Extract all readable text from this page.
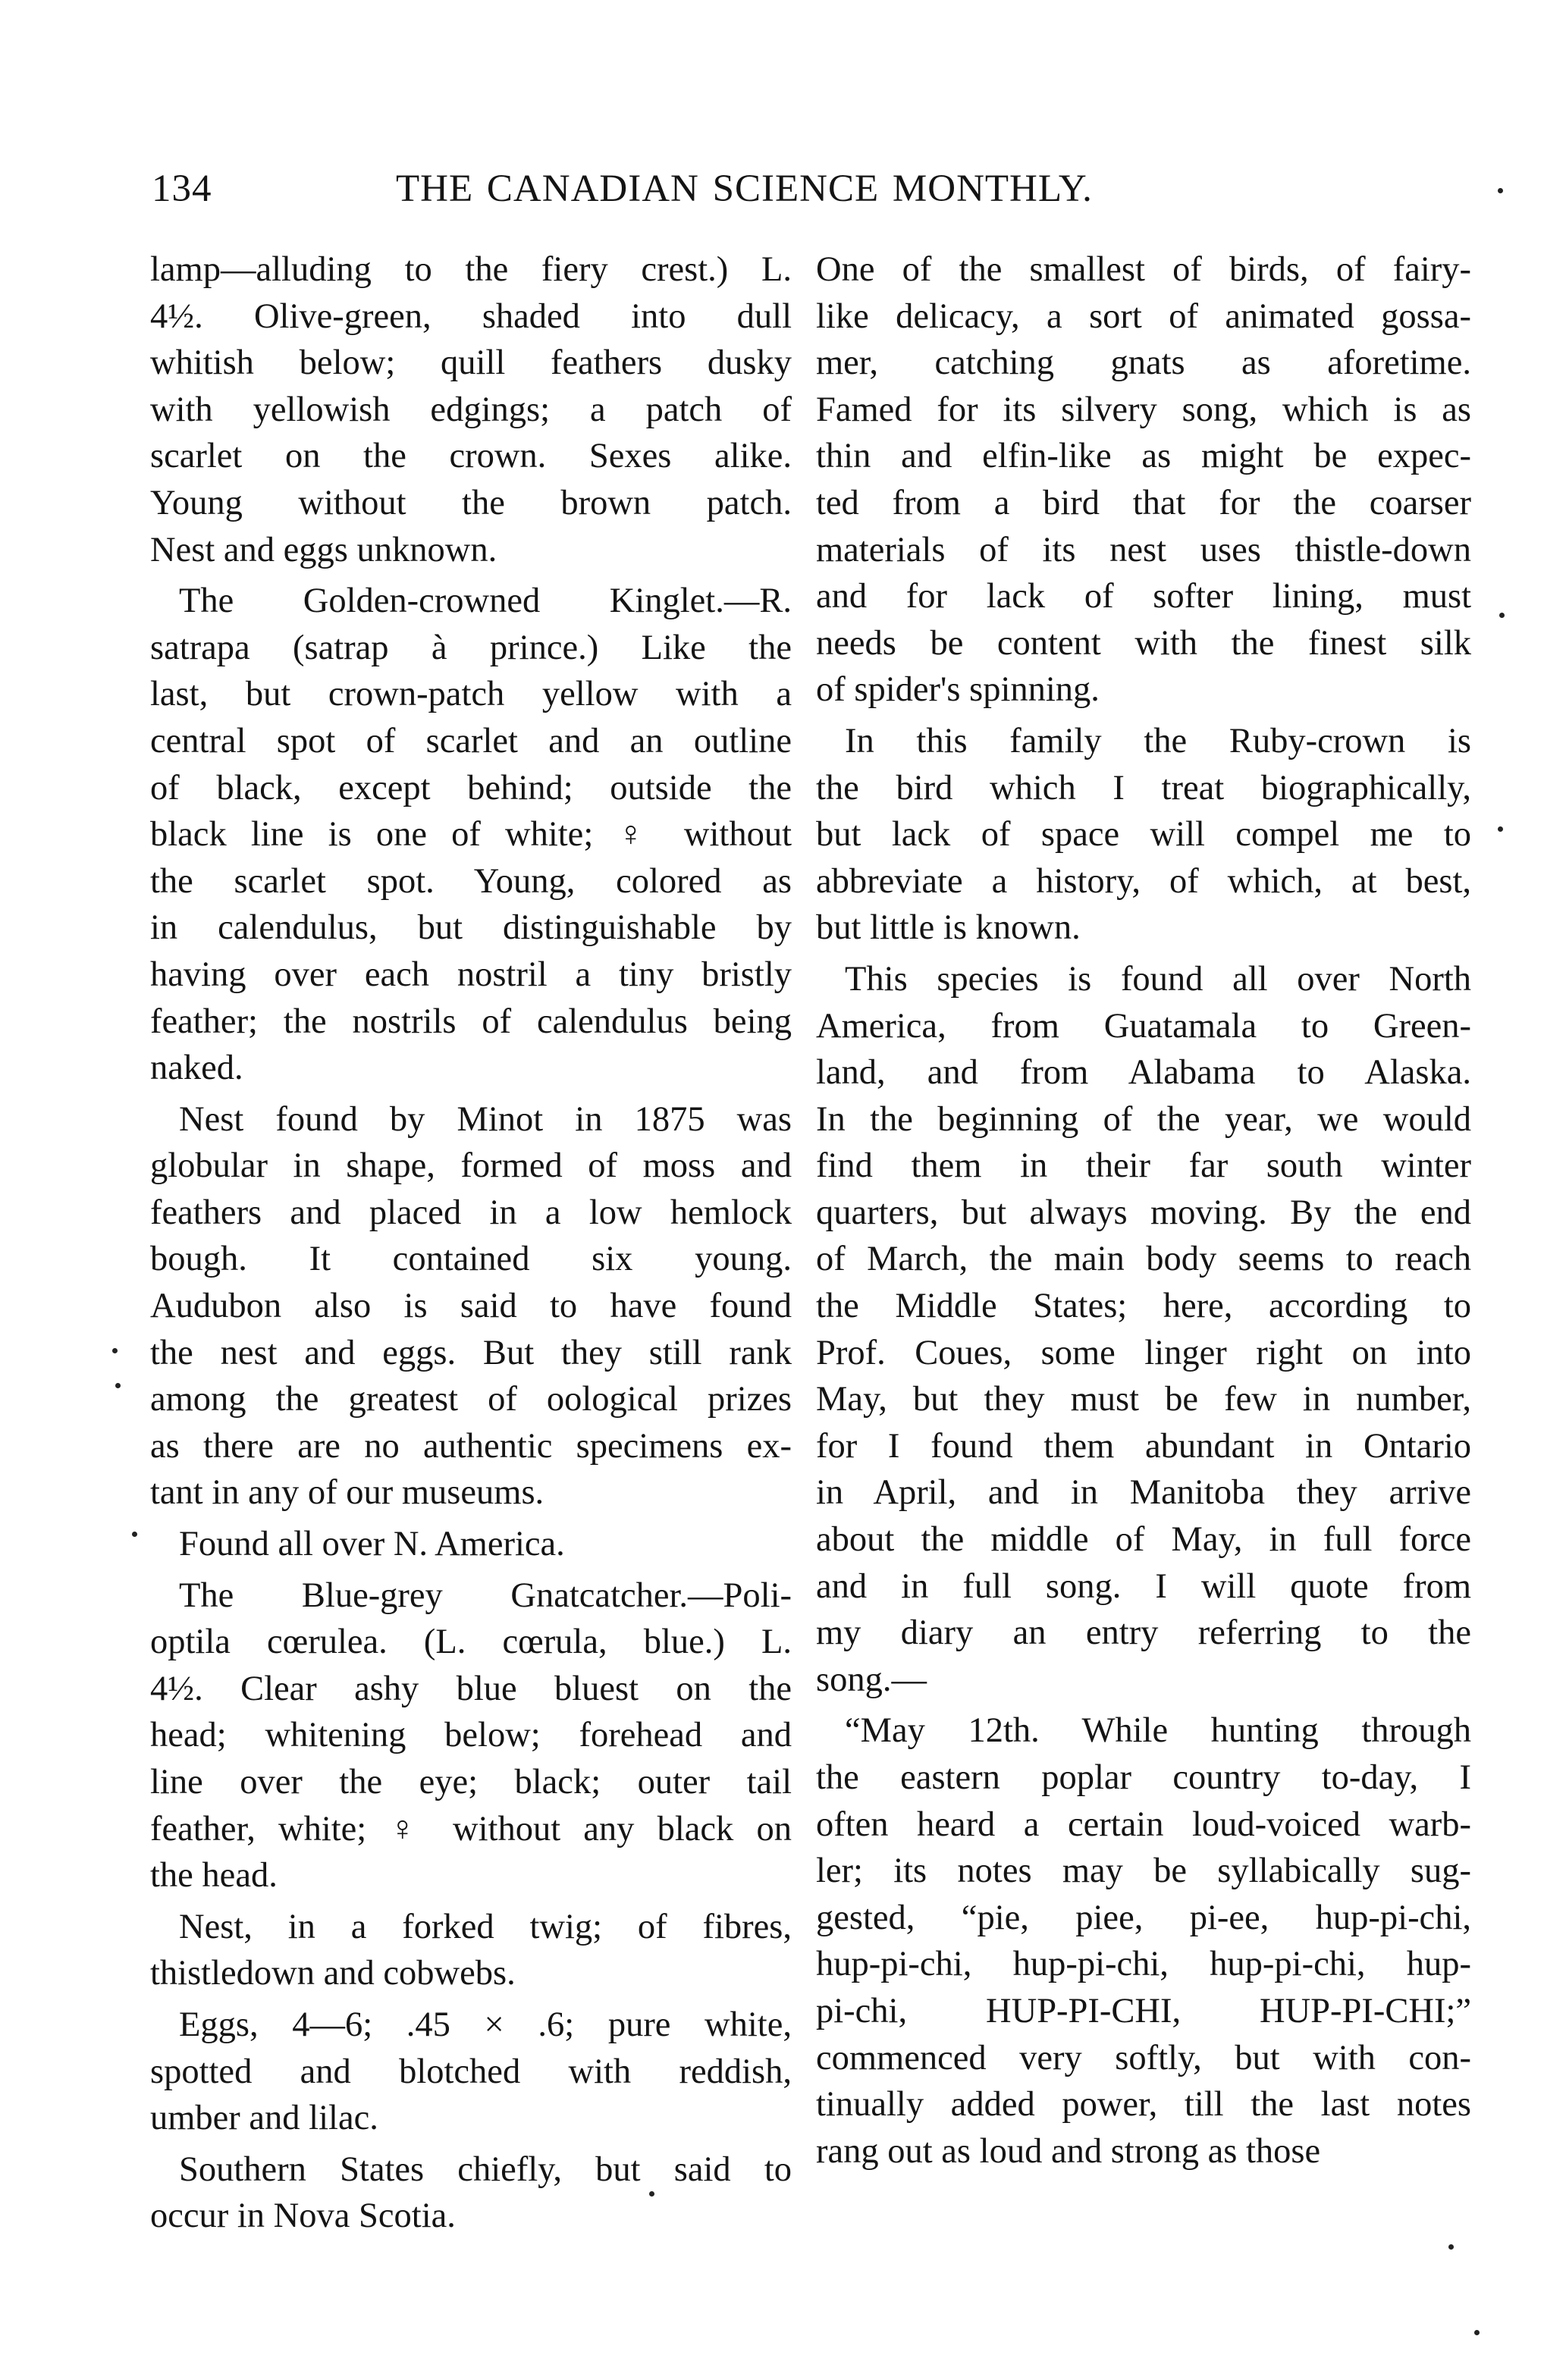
134	THE CANADIAN SCIENCE MONTHLY.
lamp—alluding to the fiery crest.) L.
4½. Olive-green, shaded into dull
whitish below; quill feathers dusky
with yellowish edgings; a patch of
scarlet on the crown. Sexes alike.
Young without the brown patch.
Nest and eggs unknown.
The Golden-crowned Kinglet.—R.
satrapa (satrap à prince.) Like the
last, but crown-patch yellow with a
central spot of scarlet and an outline
of black, except behind; outside the
black line is one of white; ♀ without
the scarlet spot. Young, colored as
in calendulus, but distinguishable by
having over each nostril a tiny bristly
feather; the nostrils of calendulus being
naked.
Nest found by Minot in 1875 was
globular in shape, formed of moss and
feathers and placed in a low hemlock
bough. It contained six young.
Audubon also is said to have found
the nest and eggs. But they still rank
among the greatest of oological prizes
as there are no authentic specimens ex-
tant in any of our museums.
Found all over N. America.
The Blue-grey Gnatcatcher.—Poli-
optila cœrulea. (L. cœrula, blue.) L.
4½. Clear ashy blue bluest on the
head; whitening below; forehead and
line over the eye; black; outer tail
feather, white; ♀ without any black on
the head.
Nest, in a forked twig; of fibres,
thistledown and cobwebs.
Eggs, 4—6; .45 × .6; pure white,
spotted and blotched with reddish,
umber and lilac.
Southern States chiefly, but said to
occur in Nova Scotia.
One of the smallest of birds, of fairy-
like delicacy, a sort of animated gossa-
mer, catching gnats as aforetime.
Famed for its silvery song, which is as
thin and elfin-like as might be expec-
ted from a bird that for the coarser
materials of its nest uses thistle-down
and for lack of softer lining, must
needs be content with the finest silk
of spider's spinning.
In this family the Ruby-crown is
the bird which I treat biographically,
but lack of space will compel me to
abbreviate a history, of which, at best,
but little is known.
This species is found all over North
America, from Guatamala to Green-
land, and from Alabama to Alaska.
In the beginning of the year, we would
find them in their far south winter
quarters, but always moving. By the end
of March, the main body seems to reach
the Middle States; here, according to
Prof. Coues, some linger right on into
May, but they must be few in number,
for I found them abundant in Ontario
in April, and in Manitoba they arrive
about the middle of May, in full force
and in full song. I will quote from
my diary an entry referring to the
song.—
“May 12th. While hunting through
the eastern poplar country to-day, I
often heard a certain loud-voiced warb-
ler; its notes may be syllabically sug-
gested, “pie, piee, pi-ee, hup-pi-chi,
hup-pi-chi, hup-pi-chi, hup-pi-chi, hup-
pi-chi, HUP-PI-CHI, HUP-PI-CHI;”
commenced very softly, but with con-
tinually added power, till the last notes
rang out as loud and strong as those
